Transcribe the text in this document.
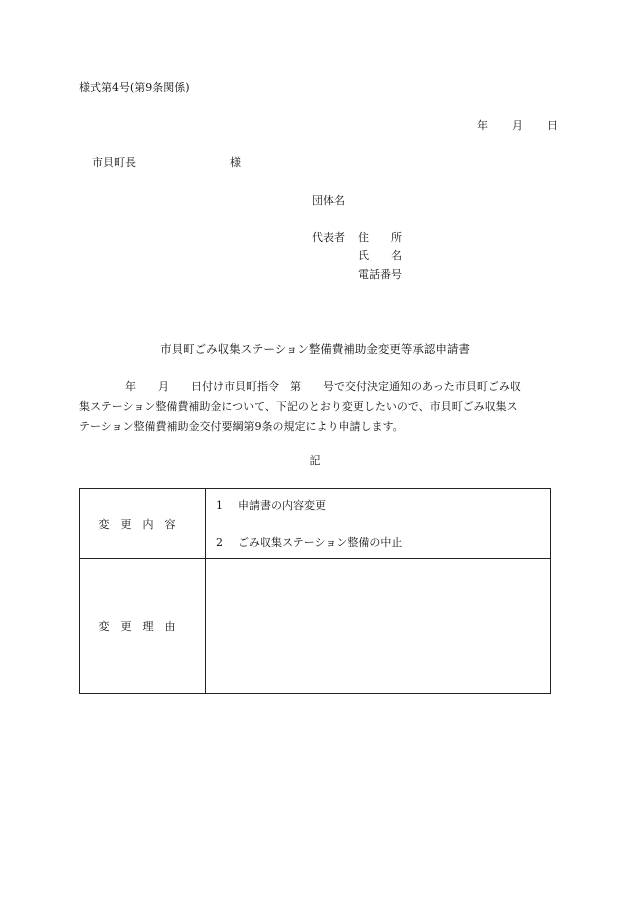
様式第4号(第9条関係)
年 月 日
市貝町長	様
団体名
代表者 住　　所
氏　　名
電話番号
市貝町ごみ収集ステーション整備費補助金変更等承認申請書

年　　月　　日付け市貝町指令　第　　号で交付決定通知のあった市貝町ごみ収

集ステーション整備費補助金について、下記のとおり変更したいので、市貝町ごみ収集ス

テーション整備費補助金交付要綱第9条の規定により申請します。

記
変更内容	1 申請書の内容変更
2 ごみ収集ステーション整備の中止

変更理由	
